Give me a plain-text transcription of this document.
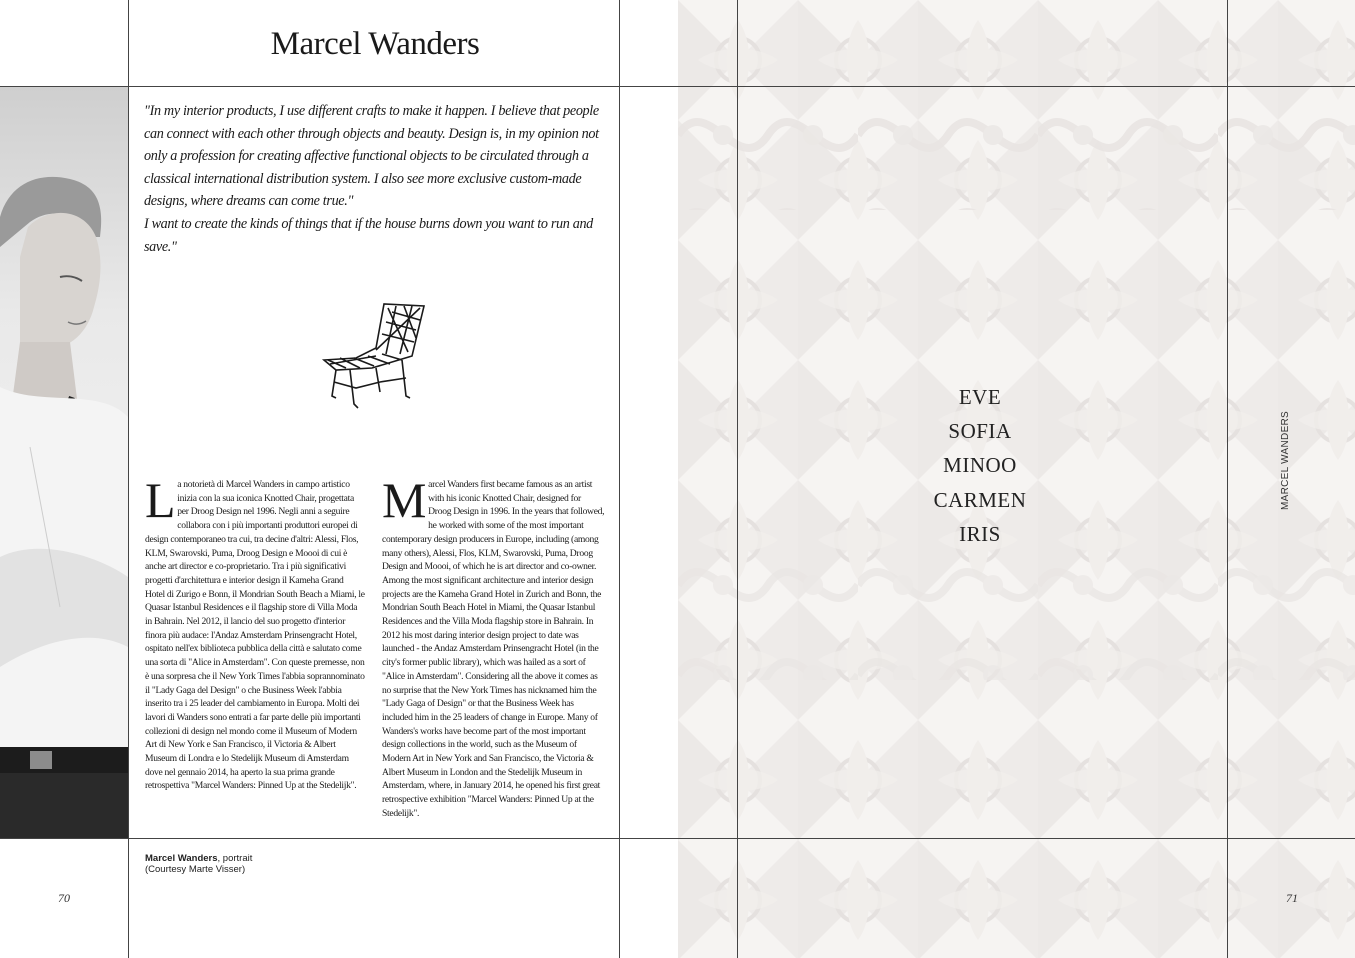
Marcel Wanders

"In my interior products, I use different crafts to make it happen. I believe that people can connect with each other through objects and beauty. Design is, in my opinion not only a profession for creating affective functional objects to be circulated through a classical international distribution system. I also see more exclusive custom-made designs, where dreams can come true."

I want to create the kinds of things that if the house burns down you want to run and save."

La notorietà di Marcel Wanders in campo artistico inizia con la sua iconica Knotted Chair, progettata per Droog Design nel 1996. Negli anni a seguire collabora con i più importanti produttori europei di design contemporaneo tra cui, tra decine d'altri: Alessi, Flos, KLM, Swarovski, Puma, Droog Design e Moooi di cui è anche art director e co-proprietario. Tra i più significativi progetti d'architettura e interior design il Kameha Grand Hotel di Zurigo e Bonn, il Mondrian South Beach a Miami, le Quasar Istanbul Residences e il flagship store di Villa Moda in Bahrain. Nel 2012, il lancio del suo progetto d'interior finora più audace: l'Andaz Amsterdam Prinsengracht Hotel, ospitato nell'ex biblioteca pubblica della città e salutato come una sorta di "Alice in Amsterdam". Con queste premesse, non è una sorpresa che il New York Times l'abbia soprannominato il "Lady Gaga del Design" o che Business Week l'abbia inserito tra i 25 leader del cambiamento in Europa. Molti dei lavori di Wanders sono entrati a far parte delle più importanti collezioni di design nel mondo come il Museum of Modern Art di New York e San Francisco, il Victoria & Albert Museum di Londra e lo Stedelijk Museum di Amsterdam dove nel gennaio 2014, ha aperto la sua prima grande retrospettiva "Marcel Wanders: Pinned Up at the Stedelijk".
Marcel Wanders first became famous as an artist with his iconic Knotted Chair, designed for Droog Design in 1996. In the years that followed, he worked with some of the most important contemporary design producers in Europe, including (among many others), Alessi, Flos, KLM, Swarovski, Puma, Droog Design and Moooi, of which he is art director and co-owner. Among the most significant architecture and interior design projects are the Kameha Grand Hotel in Zurich and Bonn, the Mondrian South Beach Hotel in Miami, the Quasar Istanbul Residences and the Villa Moda flagship store in Bahrain. In 2012 his most daring interior design project to date was launched - the Andaz Amsterdam Prinsengracht Hotel (in the city's former public library), which was hailed as a sort of "Alice in Amsterdam". Considering all the above it comes as no surprise that the New York Times has nicknamed him the "Lady Gaga of Design" or that the Business Week has included him in the 25 leaders of change in Europe. Many of Wanders's works have become part of the most important design collections in the world, such as the Museum of Modern Art in New York and San Francisco, the Victoria & Albert Museum in London and the Stedelijk Museum in Amsterdam, where, in January 2014, he opened his first great retrospective exhibition "Marcel Wanders: Pinned Up at the Stedelijk".
Marcel Wanders, portrait
(Courtesy Marte Visser)
70
EVE
SOFIA
MINOO
CARMEN
IRIS
MARCEL WANDERS
71
